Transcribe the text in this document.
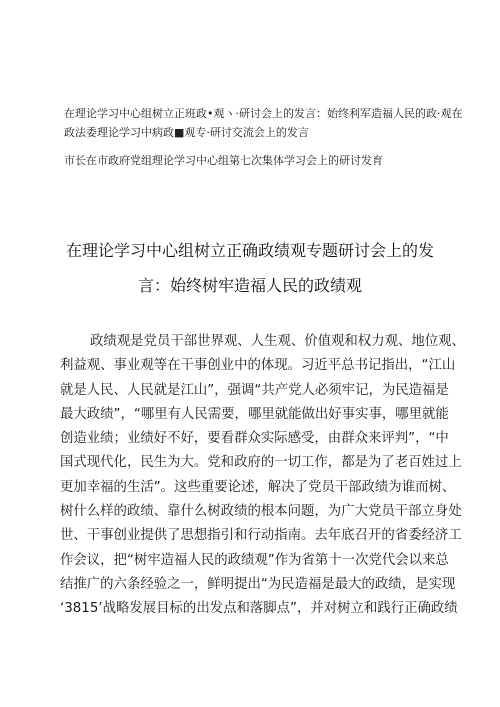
在理论学习中心组树立正班政•观ヽ·研讨会上的发言：始终利军造福人民的政·观在
政法委理论学习中病政■观专·研讨交流会上的发言
市长在市政府党组理论学习中心组第七次集体学习会上的研讨发育
在理论学习中心组树立正确政绩观专题研讨会上的发
言：始终树牢造福人民的政绩观
政绩观是党员干部世界观、人生观、价值观和权力观、地位观、
利益观、事业观等在干事创业中的体现。习近平总书记指出，“江山
就是人民、人民就是江山”，强调“共产党人必须牢记，为民造福是
最大政绩”，“哪里有人民需要，哪里就能做出好事实事，哪里就能
创造业绩；业绩好不好，要看群众实际感受，由群众来评判”，“中
国式现代化，民生为大。党和政府的一切工作，都是为了老百姓过上
更加幸福的生活”。这些重要论述，解决了党员干部政绩为谁而树、
树什么样的政绩、靠什么树政绩的根本问题，为广大党员干部立身处
世、干事创业提供了思想指引和行动指南。去年底召开的省委经济工
作会议，把“树牢造福人民的政绩观”作为省第十一次党代会以来总
结推广的六条经验之一，鲜明提出“为民造福是最大的政绩，是实现
‘3815’战略发展目标的出发点和落脚点”，并对树立和践行正确政绩
